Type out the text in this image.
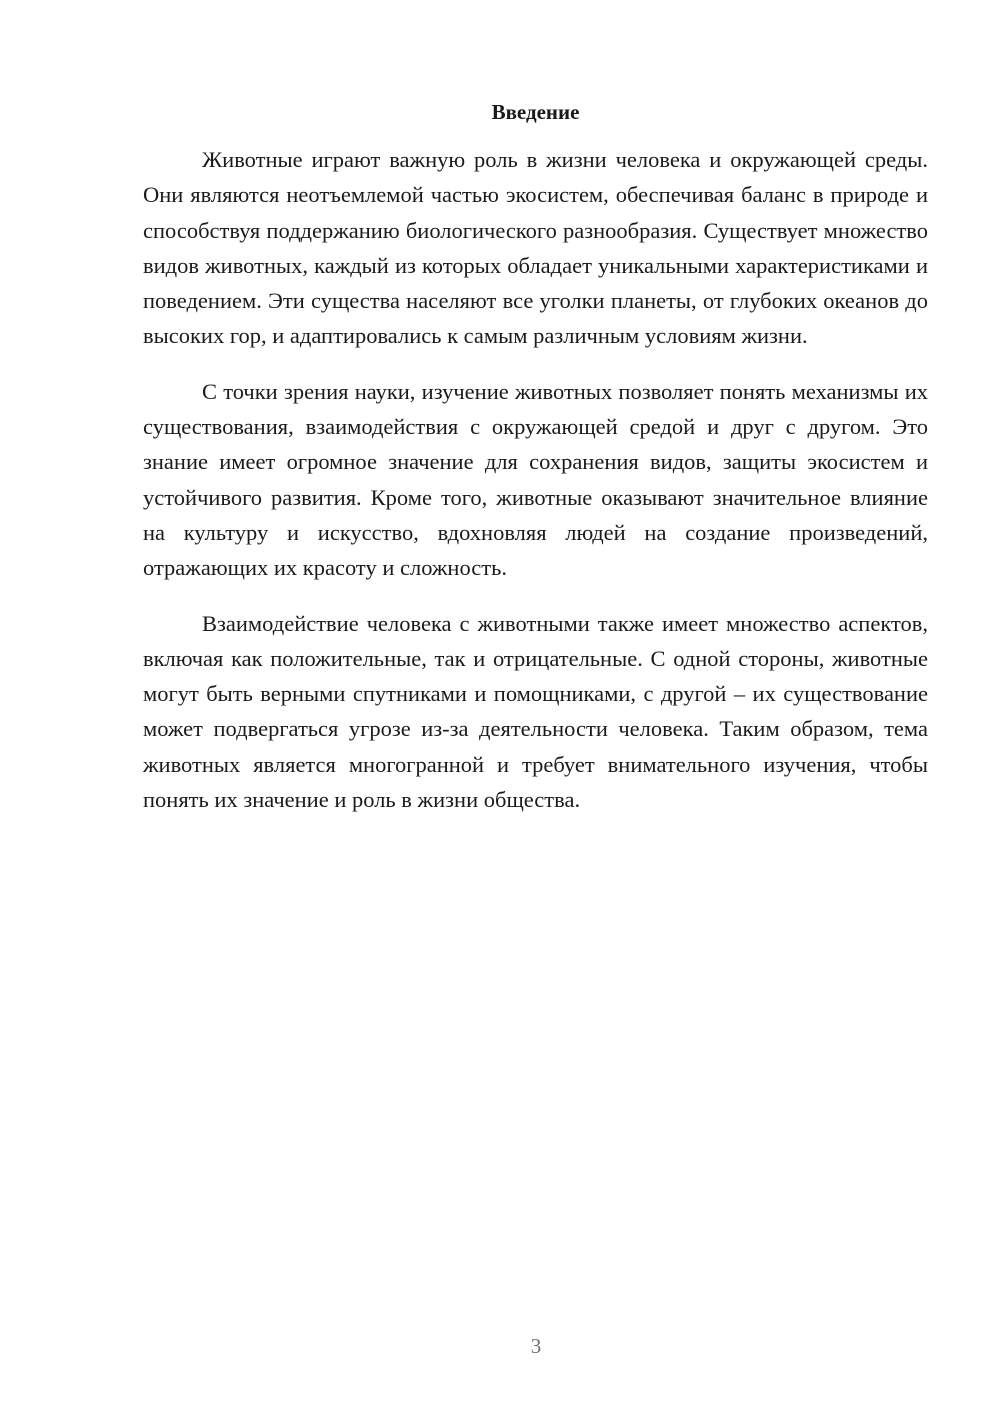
Введение

Животные играют важную роль в жизни человека и окружающей среды. Они являются неотъемлемой частью экосистем, обеспечивая баланс в природе и способствуя поддержанию биологического разнообразия. Существует множество видов животных, каждый из которых обладает уникальными характеристиками и поведением. Эти существа населяют все уголки планеты, от глубоких океанов до высоких гор, и адаптировались к самым различным условиям жизни.

С точки зрения науки, изучение животных позволяет понять механизмы их существования, взаимодействия с окружающей средой и друг с другом. Это знание имеет огромное значение для сохранения видов, защиты экосистем и устойчивого развития. Кроме того, животные оказывают значительное влияние на культуру и искусство, вдохновляя людей на создание произведений, отражающих их красоту и сложность.

Взаимодействие человека с животными также имеет множество аспектов, включая как положительные, так и отрицательные. С одной стороны, животные могут быть верными спутниками и помощниками, с другой – их существование может подвергаться угрозе из-за деятельности человека. Таким образом, тема животных является многогранной и требует внимательного изучения, чтобы понять их значение и роль в жизни общества.

3
